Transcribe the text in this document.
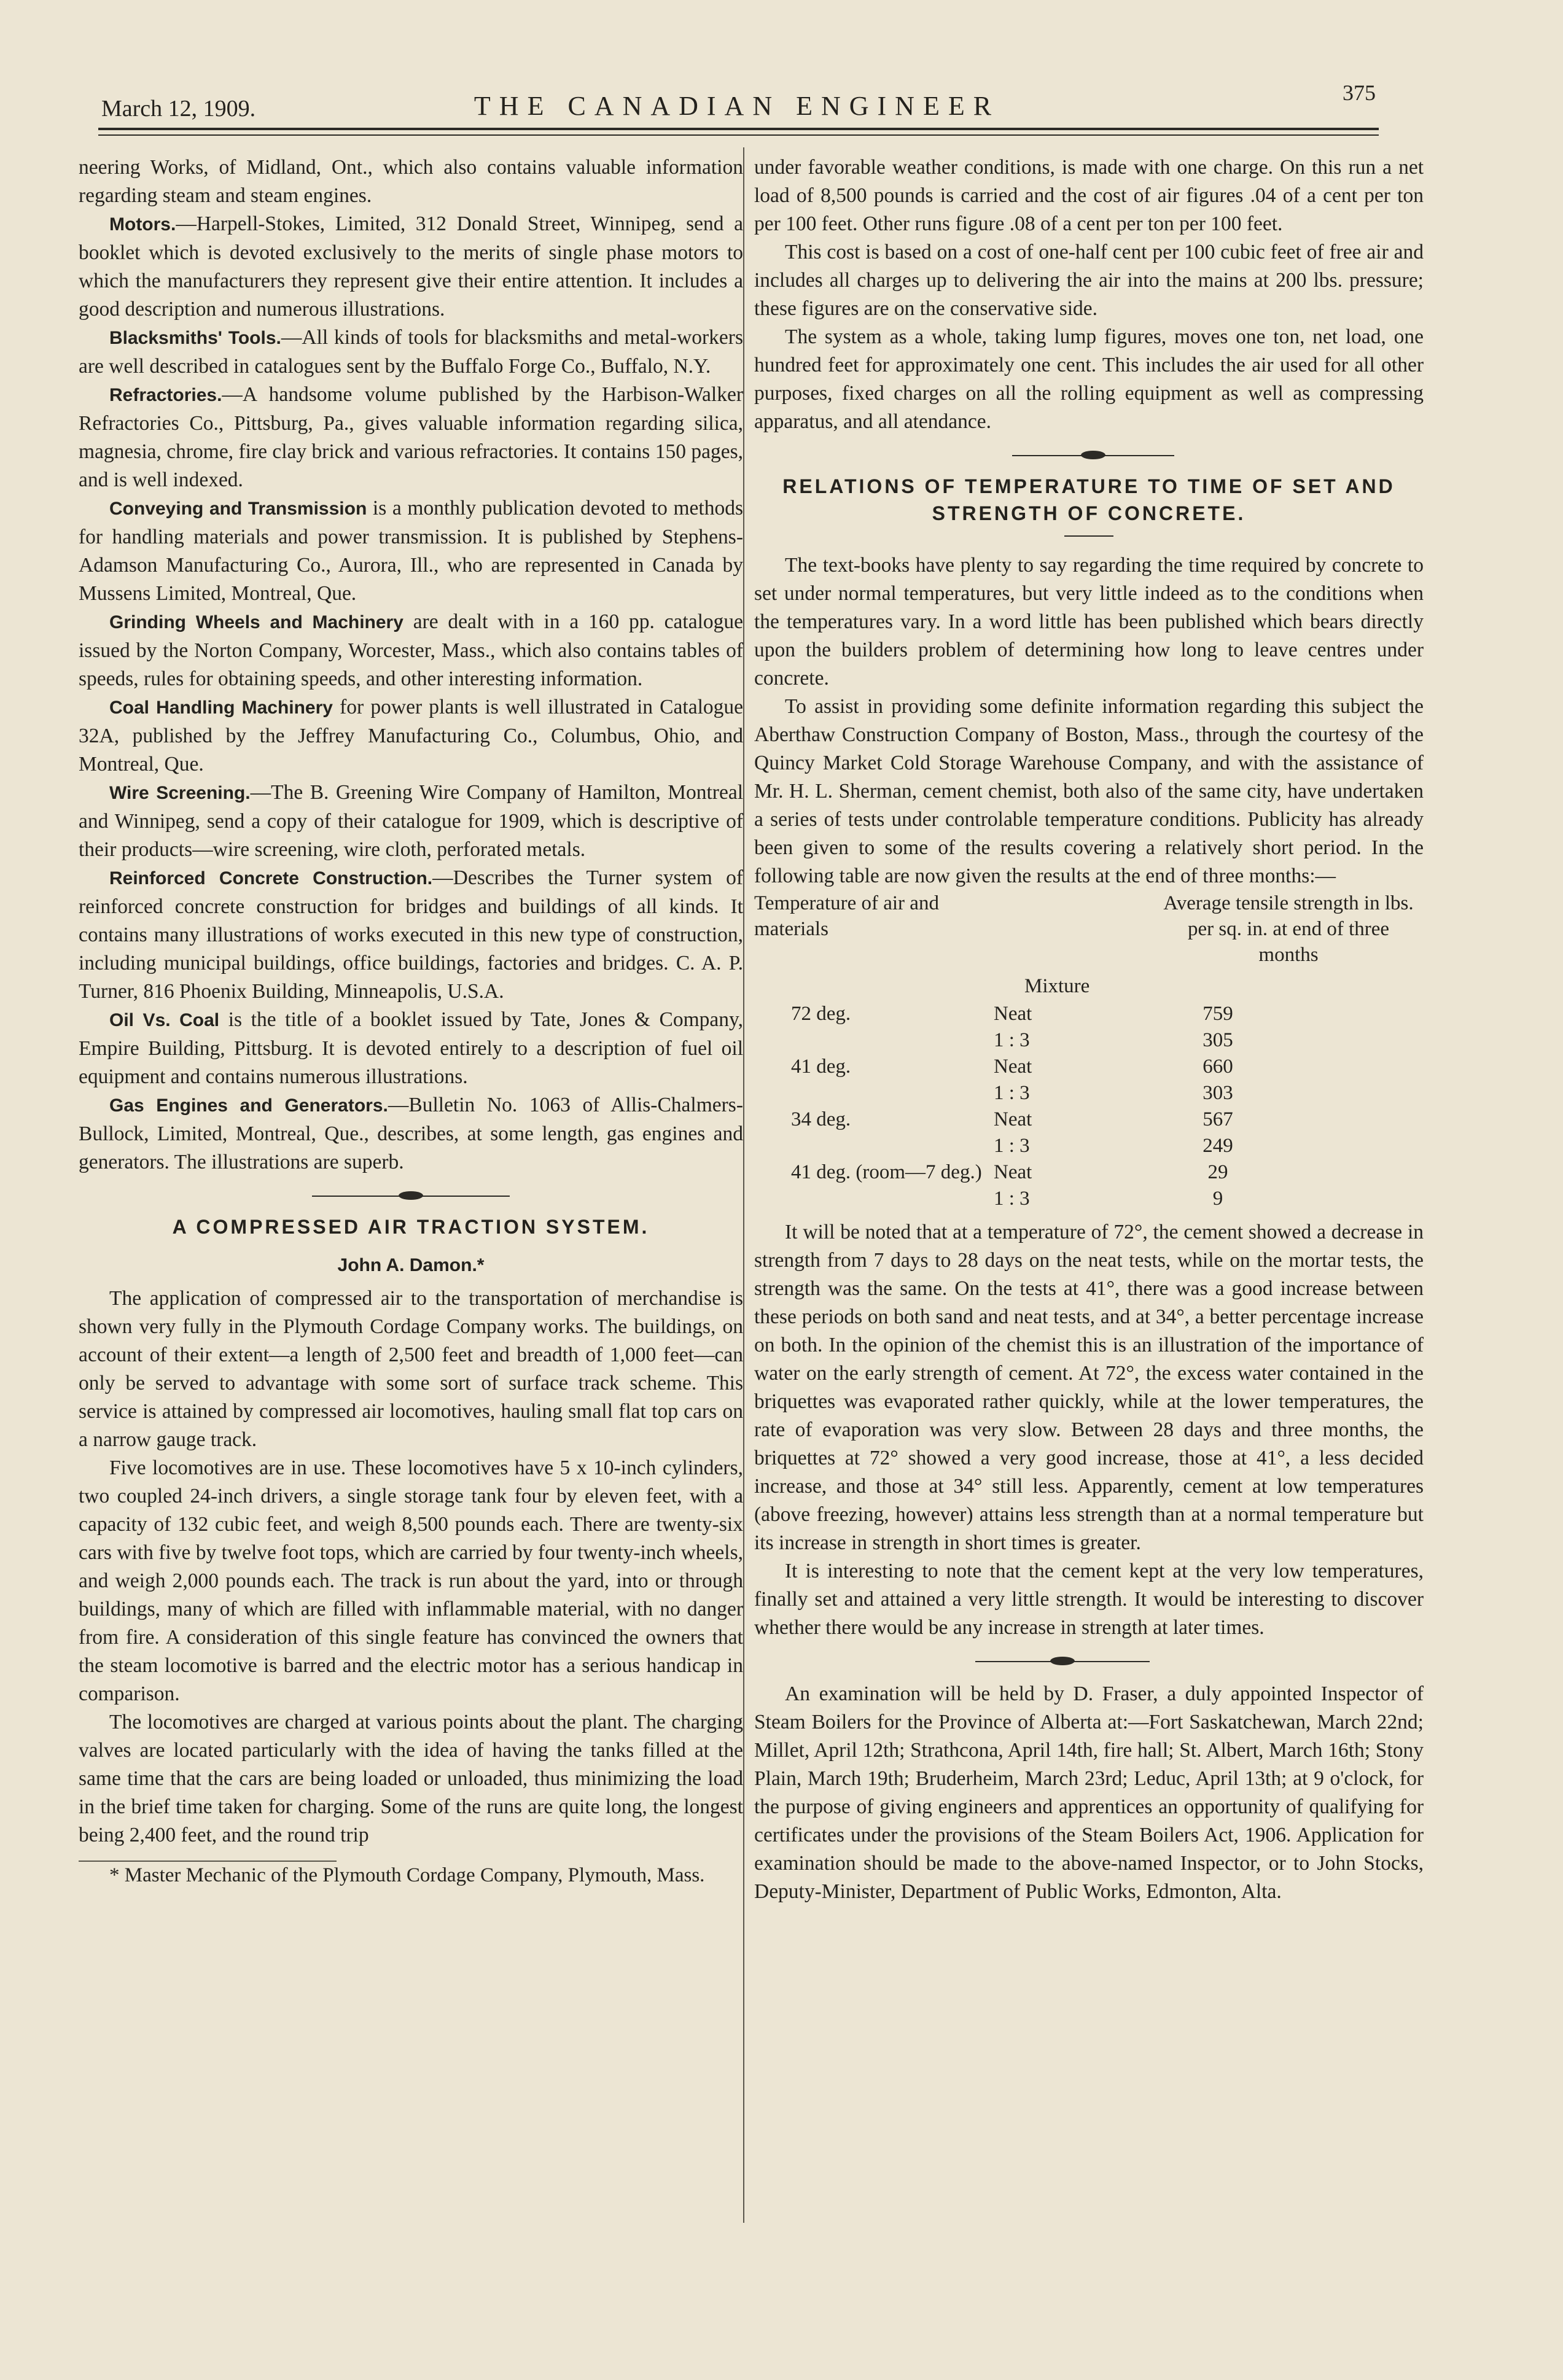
March 12, 1909.	THE CANADIAN ENGINEER	375

neering Works, of Midland, Ont., which also contains valuable information regarding steam and steam engines.

Motors.—Harpell-Stokes, Limited, 312 Donald Street, Winnipeg, send a booklet which is devoted exclusively to the merits of single phase motors to which the manufacturers they represent give their entire attention. It includes a good description and numerous illustrations.

Blacksmiths' Tools.—All kinds of tools for blacksmiths and metal-workers are well described in catalogues sent by the Buffalo Forge Co., Buffalo, N.Y.

Refractories.—A handsome volume published by the Harbison-Walker Refractories Co., Pittsburg, Pa., gives valuable information regarding silica, magnesia, chrome, fire clay brick and various refractories. It contains 150 pages, and is well indexed.

Conveying and Transmission is a monthly publication devoted to methods for handling materials and power transmission. It is published by Stephens-Adamson Manufacturing Co., Aurora, Ill., who are represented in Canada by Mussens Limited, Montreal, Que.

Grinding Wheels and Machinery are dealt with in a 160 pp. catalogue issued by the Norton Company, Worcester, Mass., which also contains tables of speeds, rules for obtaining speeds, and other interesting information.

Coal Handling Machinery for power plants is well illustrated in Catalogue 32A, published by the Jeffrey Manufacturing Co., Columbus, Ohio, and Montreal, Que.

Wire Screening.—The B. Greening Wire Company of Hamilton, Montreal and Winnipeg, send a copy of their catalogue for 1909, which is descriptive of their products—wire screening, wire cloth, perforated metals.

Reinforced Concrete Construction.—Describes the Turner system of reinforced concrete construction for bridges and buildings of all kinds. It contains many illustrations of works executed in this new type of construction, including municipal buildings, office buildings, factories and bridges. C. A. P. Turner, 816 Phoenix Building, Minneapolis, U.S.A.

Oil Vs. Coal is the title of a booklet issued by Tate, Jones & Company, Empire Building, Pittsburg. It is devoted entirely to a description of fuel oil equipment and contains numerous illustrations.

Gas Engines and Generators.—Bulletin No. 1063 of Allis-Chalmers-Bullock, Limited, Montreal, Que., describes, at some length, gas engines and generators. The illustrations are superb.

A COMPRESSED AIR TRACTION SYSTEM.
John A. Damon.*

The application of compressed air to the transportation of merchandise is shown very fully in the Plymouth Cordage Company works. The buildings, on account of their extent—a length of 2,500 feet and breadth of 1,000 feet—can only be served to advantage with some sort of surface track scheme. This service is attained by compressed air locomotives, hauling small flat top cars on a narrow gauge track.

Five locomotives are in use. These locomotives have 5 x 10-inch cylinders, two coupled 24-inch drivers, a single storage tank four by eleven feet, with a capacity of 132 cubic feet, and weigh 8,500 pounds each. There are twenty-six cars with five by twelve foot tops, which are carried by four twenty-inch wheels, and weigh 2,000 pounds each. The track is run about the yard, into or through buildings, many of which are filled with inflammable material, with no danger from fire. A consideration of this single feature has convinced the owners that the steam locomotive is barred and the electric motor has a serious handicap in comparison.

The locomotives are charged at various points about the plant. The charging valves are located particularly with the idea of having the tanks filled at the same time that the cars are being loaded or unloaded, thus minimizing the load in the brief time taken for charging. Some of the runs are quite long, the longest being 2,400 feet, and the round trip

* Master Mechanic of the Plymouth Cordage Company, Plymouth, Mass.

under favorable weather conditions, is made with one charge. On this run a net load of 8,500 pounds is carried and the cost of air figures .04 of a cent per ton per 100 feet. Other runs figure .08 of a cent per ton per 100 feet.

This cost is based on a cost of one-half cent per 100 cubic feet of free air and includes all charges up to delivering the air into the mains at 200 lbs. pressure; these figures are on the conservative side.

The system as a whole, taking lump figures, moves one ton, net load, one hundred feet for approximately one cent. This includes the air used for all other purposes, fixed charges on all the rolling equipment as well as compressing apparatus, and all atendance.

RELATIONS OF TEMPERATURE TO TIME OF SET AND STRENGTH OF CONCRETE.

The text-books have plenty to say regarding the time required by concrete to set under normal temperatures, but very little indeed as to the conditions when the temperatures vary. In a word little has been published which bears directly upon the builders problem of determining how long to leave centres under concrete.

To assist in providing some definite information regarding this subject the Aberthaw Construction Company of Boston, Mass., through the courtesy of the Quincy Market Cold Storage Warehouse Company, and with the assistance of Mr. H. L. Sherman, cement chemist, both also of the same city, have undertaken a series of tests under controlable temperature conditions. Publicity has already been given to some of the results covering a relatively short period. In the following table are now given the results at the end of three months:—

Temperature of air and materials
Average tensile strength in lbs. per sq. in. at end of three months
Mixture
72 deg.	Neat	759
	1 : 3	305
41 deg.	Neat	660
	1 : 3	303
34 deg.	Neat	567
	1 : 3	249
41 deg. (room—7 deg.)	Neat	29
	1 : 3	9

It will be noted that at a temperature of 72°, the cement showed a decrease in strength from 7 days to 28 days on the neat tests, while on the mortar tests, the strength was the same. On the tests at 41°, there was a good increase between these periods on both sand and neat tests, and at 34°, a better percentage increase on both. In the opinion of the chemist this is an illustration of the importance of water on the early strength of cement. At 72°, the excess water contained in the briquettes was evaporated rather quickly, while at the lower temperatures, the rate of evaporation was very slow. Between 28 days and three months, the briquettes at 72° showed a very good increase, those at 41°, a less decided increase, and those at 34° still less. Apparently, cement at low temperatures (above freezing, however) attains less strength than at a normal temperature but its increase in strength in short times is greater.

It is interesting to note that the cement kept at the very low temperatures, finally set and attained a very little strength. It would be interesting to discover whether there would be any increase in strength at later times.

An examination will be held by D. Fraser, a duly appointed Inspector of Steam Boilers for the Province of Alberta at:—Fort Saskatchewan, March 22nd; Millet, April 12th; Strathcona, April 14th, fire hall; St. Albert, March 16th; Stony Plain, March 19th; Bruderheim, March 23rd; Leduc, April 13th; at 9 o'clock, for the purpose of giving engineers and apprentices an opportunity of qualifying for certificates under the provisions of the Steam Boilers Act, 1906. Application for examination should be made to the above-named Inspector, or to John Stocks, Deputy-Minister, Department of Public Works, Edmonton, Alta.
